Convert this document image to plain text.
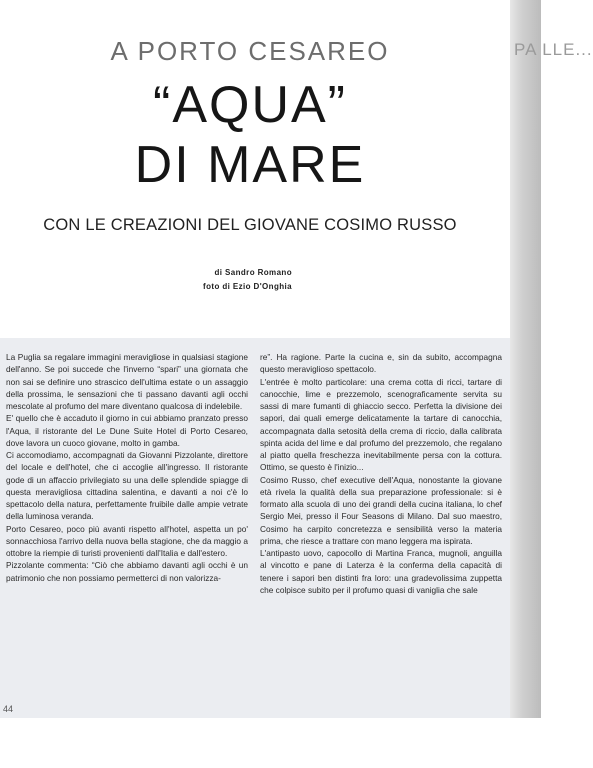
A PORTO CESAREO
“AQUA”
DI MARE
CON LE CREAZIONI DEL GIOVANE COSIMO RUSSO
di Sandro Romano
foto di Ezio D'Onghia

La Puglia sa regalare immagini meravigliose in qualsiasi stagione dell'anno. Se poi succede che l'inverno “spari” una giornata che non sai se definire uno strascico dell'ultima estate o un assaggio della prossima, le sensazioni che ti passano davanti agli occhi mescolate al profumo del mare diventano qualcosa di indelebile.

E' quello che è accaduto il giorno in cui abbiamo pranzato presso l'Aqua, il ristorante del Le Dune Suite Hotel di Porto Cesareo, dove lavora un cuoco giovane, molto in gamba.

Ci accomodiamo, accompagnati da Giovanni Pizzolante, direttore del locale e dell'hotel, che ci accoglie all'ingresso. Il ristorante gode di un affaccio privilegiato su una delle splendide spiagge di questa meravigliosa cittadina salentina, e davanti a noi c'è lo spettacolo della natura, perfettamente fruibile dalle ampie vetrate della luminosa veranda.

Porto Cesareo, poco più avanti rispetto all'hotel, aspetta un po' sonnacchiosa l'arrivo della nuova bella stagione, che da maggio a ottobre la riempie di turisti provenienti dall'Italia e dall'estero.

Pizzolante commenta: “Ciò che abbiamo davanti agli occhi è un patrimonio che non possiamo permetterci di non valorizza-

re”. Ha ragione. Parte la cucina e, sin da subito, accompagna questo meraviglioso spettacolo.

L'entrée è molto particolare: una crema cotta di ricci, tartare di canocchie, lime e prezzemolo, scenograficamente servita su sassi di mare fumanti di ghiaccio secco. Perfetta la divisione dei sapori, dai quali emerge delicatamente la tartare di canocchia, accompagnata dalla setosità della crema di riccio, dalla calibrata spinta acida del lime e dal profumo del prezzemolo, che regalano al piatto quella freschezza inevitabilmente persa con la cottura. Ottimo, se questo è l'inizio...

Cosimo Russo, chef executive dell'Aqua, nonostante la giovane età rivela la qualità della sua preparazione professionale: si è formato alla scuola di uno dei grandi della cucina italiana, lo chef Sergio Mei, presso il Four Seasons di Milano. Dal suo maestro, Cosimo ha carpito concretezza e sensibilità verso la materia prima, che riesce a trattare con mano leggera ma ispirata.

L'antipasto uovo, capocollo di Martina Franca, mugnoli, anguilla al vincotto e pane di Laterza è la conferma della capacità di tenere i sapori ben distinti fra loro: una gradevolissima zuppetta che colpisce subito per il profumo quasi di vaniglia che sale

44
PA LLE...
